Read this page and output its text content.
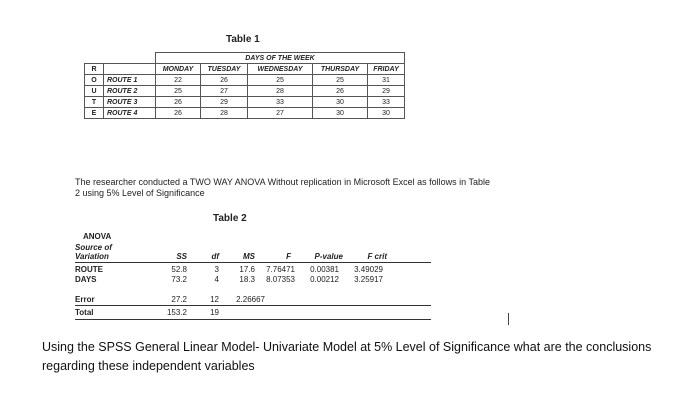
Table 1
		DAYS OF THE WEEK				
R		MONDAY	TUESDAY	WEDNESDAY	THURSDAY	FRIDAY
O	ROUTE 1	22	26	25	25	31
U	ROUTE 2	25	27	28	26	29
T	ROUTE 3	26	29	33	30	33
E	ROUTE 4	26	28	27	30	30
The researcher conducted a TWO WAY ANOVA Without replication in Microsoft Excel as follows in Table 2 using 5% Level of Significance
Table 2
ANOVA
Source of
Variation	SS	df	MS	F	P-value	F crit
ROUTE	52.8	3	17.6	7.76471	0.00381	3.49029
DAYS	73.2	4	18.3	8.07353	0.00212	3.25917
Error	27.2	12	2.26667
Total	153.2	19
Using the SPSS General Linear Model- Univariate Model at 5% Level of Significance what are the conclusions regarding these independent variables
